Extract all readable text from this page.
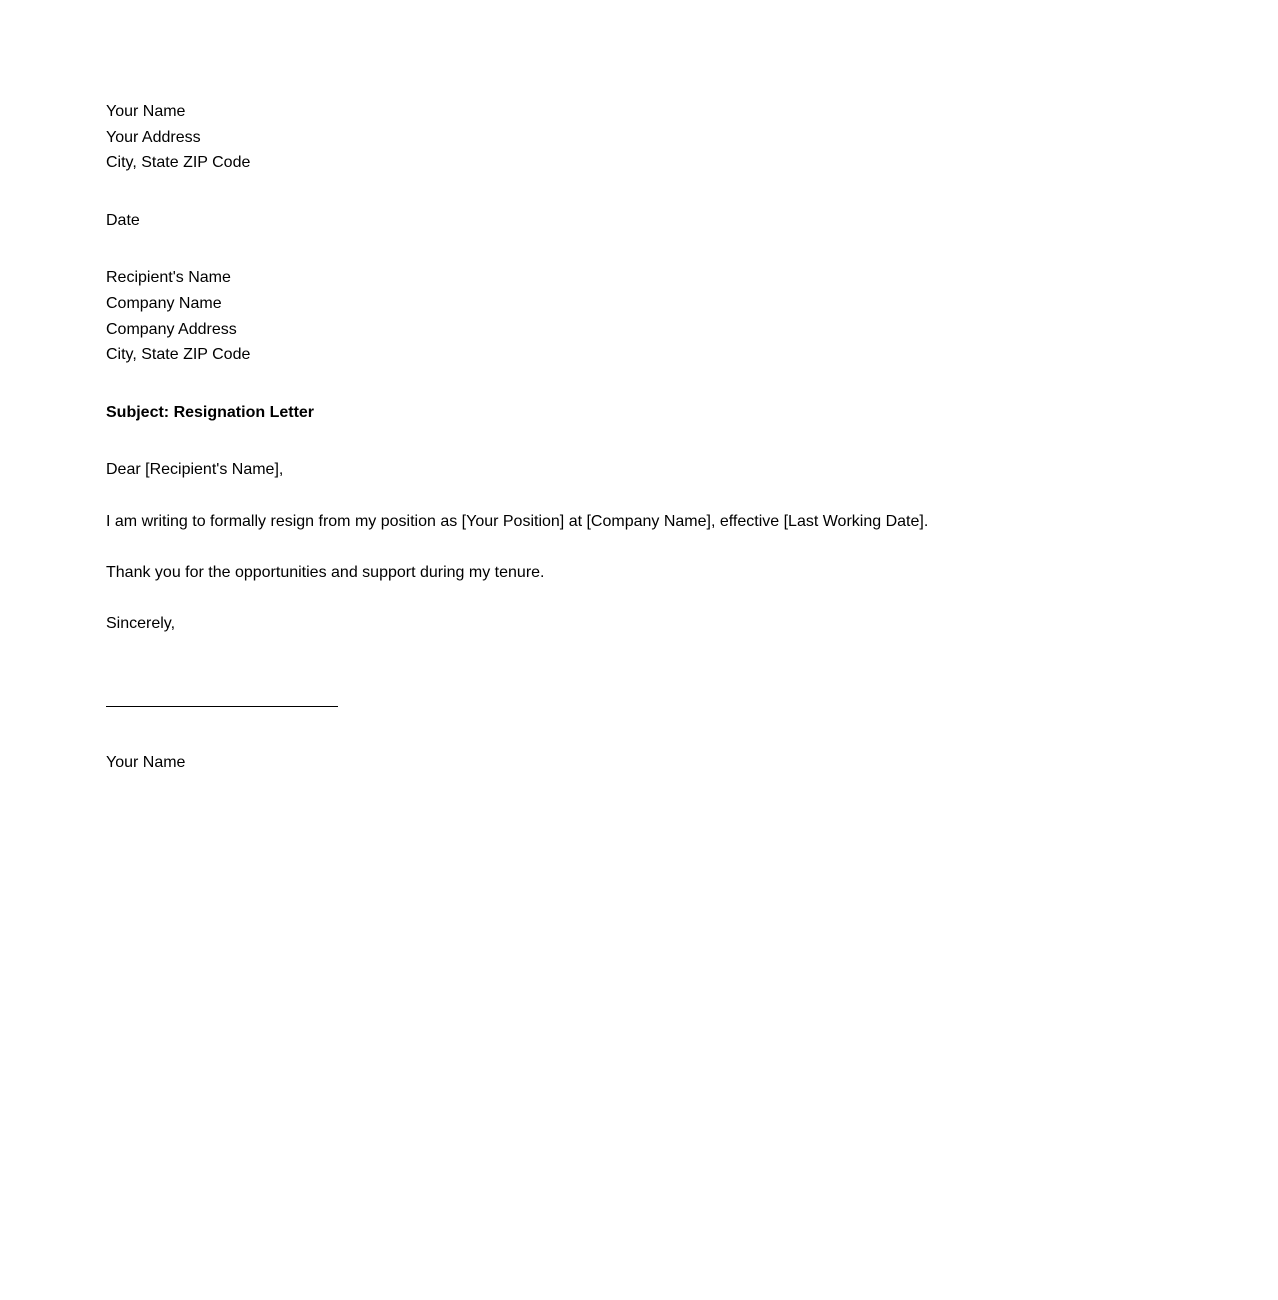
Your Name
Your Address
City, State ZIP Code
Date
Recipient's Name
Company Name
Company Address
City, State ZIP Code
Subject: Resignation Letter
Dear [Recipient's Name],
I am writing to formally resign from my position as [Your Position] at [Company Name], effective [Last Working Date].
Thank you for the opportunities and support during my tenure.
Sincerely,
Your Name
